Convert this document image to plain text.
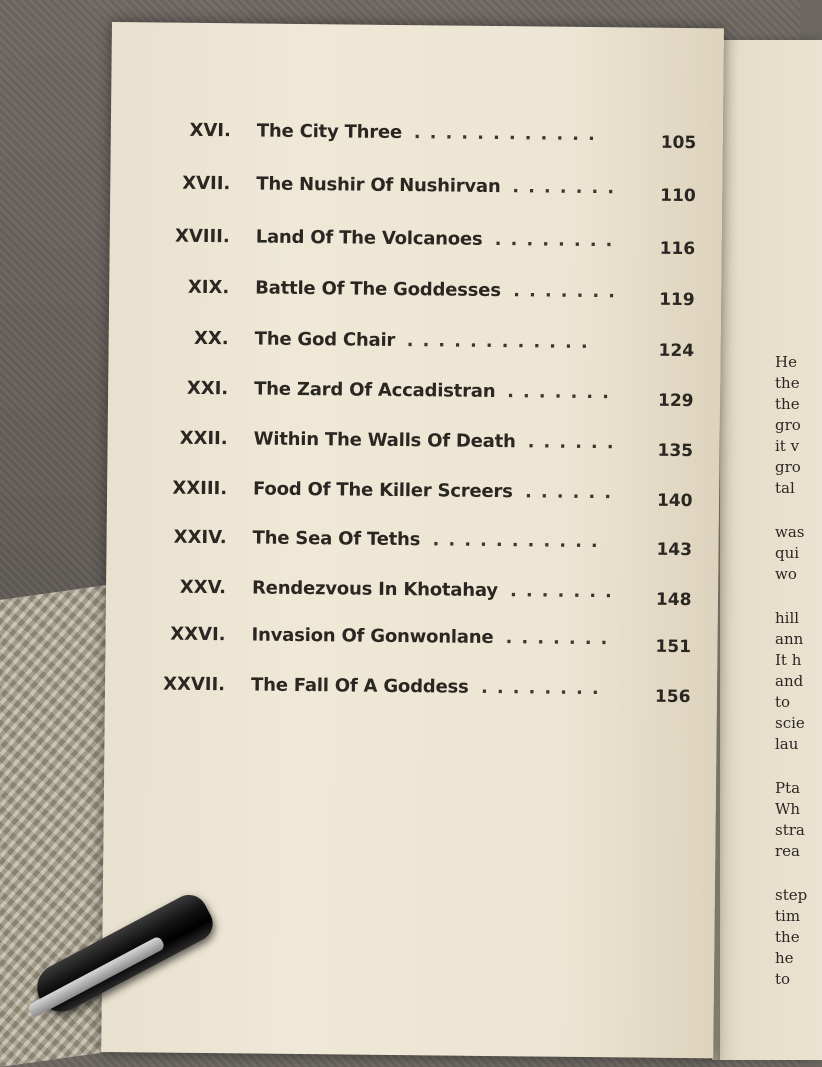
XVI. The City Three ............	105
XVII. The Nushir Of Nushirvan ....... 110
XVIII. Land Of The Volcanoes ........ 116
XIX. Battle Of The Goddesses ....... 119
XX. The God Chair ............	124
XXI. The Zard Of Accadistran ....... 129
XXII. Within The Walls Of Death ...... 135
XXIII. Food Of The Killer Screers ...... 140
XXIV. The Sea Of Teths ...........	143
XXV. Rendezvous In Khotahay ....... 148
XXVI. Invasion Of Gonwonlane ....... 151
XXVII. The Fall Of A Goddess ........	156
He
the
the
gro
it v
gro
tal
was
qui
wo
hill
ann
It h
and
to
scie
lau
Pta
Wh
stra
rea
step
tim
the
he
to
